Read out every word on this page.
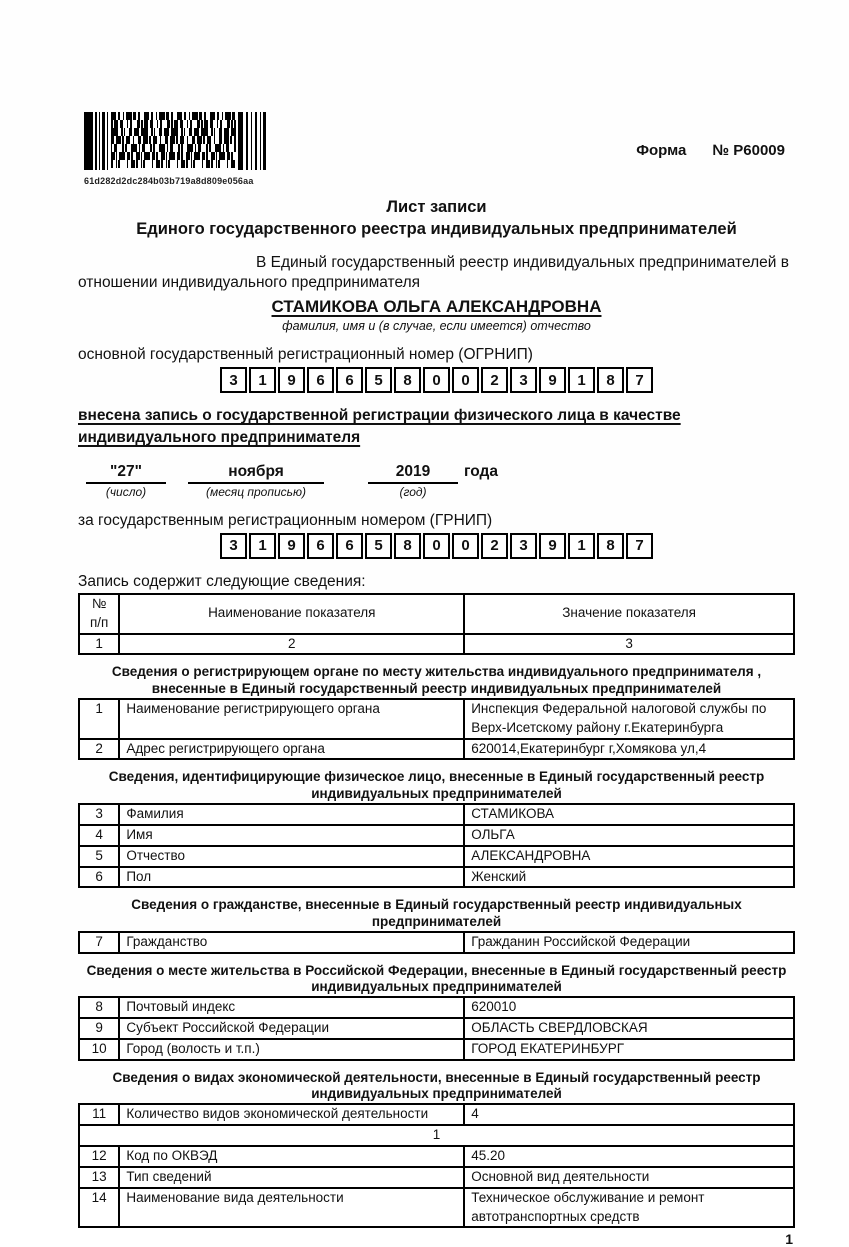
61d282d2dc284b03b719a8d809e056aa
Форма № Р60009
Лист записи
Единого государственного реестра индивидуальных предпринимателей

В Единый государственный реестр индивидуальных предпринимателей в отношении индивидуального предпринимателя

СТАМИКОВА ОЛЬГА АЛЕКСАНДРОВНА
фамилия, имя и (в случае, если имеется) отчество
основной государственный регистрационный номер (ОГРНИП)
3	1	9	6	6	5	8	0	0	2	3	9	1	8	7
внесена запись о государственной регистрации физического лица в качестве индивидуального предпринимателя
"27"
(число)
ноября
(месяц прописью)
2019
(год)
года
за государственным регистрационным номером (ГРНИП)
3	1	9	6	6	5	8	0	0	2	3	9	1	8	7
Запись содержит следующие сведения:
№
п/п	Наименование показателя	Значение показателя
1	2	3
Сведения о регистрирующем органе по месту жительства индивидуального предпринимателя , внесенные в Единый государственный реестр индивидуальных предпринимателей
1	Наименование регистрирующего органа	Инспекция Федеральной налоговой службы по Верх-Исетскому району г.Екатеринбурга
2	Адрес регистрирующего органа	620014,Екатеринбург г,Хомякова ул,4
Сведения, идентифицирующие физическое лицо, внесенные в Единый государственный реестр индивидуальных предпринимателей
3	Фамилия	СТАМИКОВА
4	Имя	ОЛЬГА
5	Отчество	АЛЕКСАНДРОВНА
6	Пол	Женский
Сведения о гражданстве, внесенные в Единый государственный реестр индивидуальных предпринимателей
7	Гражданство	Гражданин Российской Федерации
Сведения о месте жительства в Российской Федерации, внесенные в Единый государственный реестр индивидуальных предпринимателей
8	Почтовый индекс	620010
9	Субъект Российской Федерации	ОБЛАСТЬ СВЕРДЛОВСКАЯ
10	Город (волость и т.п.)	ГОРОД ЕКАТЕРИНБУРГ
Сведения о видах экономической деятельности, внесенные в Единый государственный реестр индивидуальных предпринимателей
11	Количество видов экономической деятельности	4
1		
12	Код по ОКВЭД	45.20
13	Тип сведений	Основной вид деятельности
14	Наименование вида деятельности	Техническое обслуживание и ремонт автотранспортных средств
1
